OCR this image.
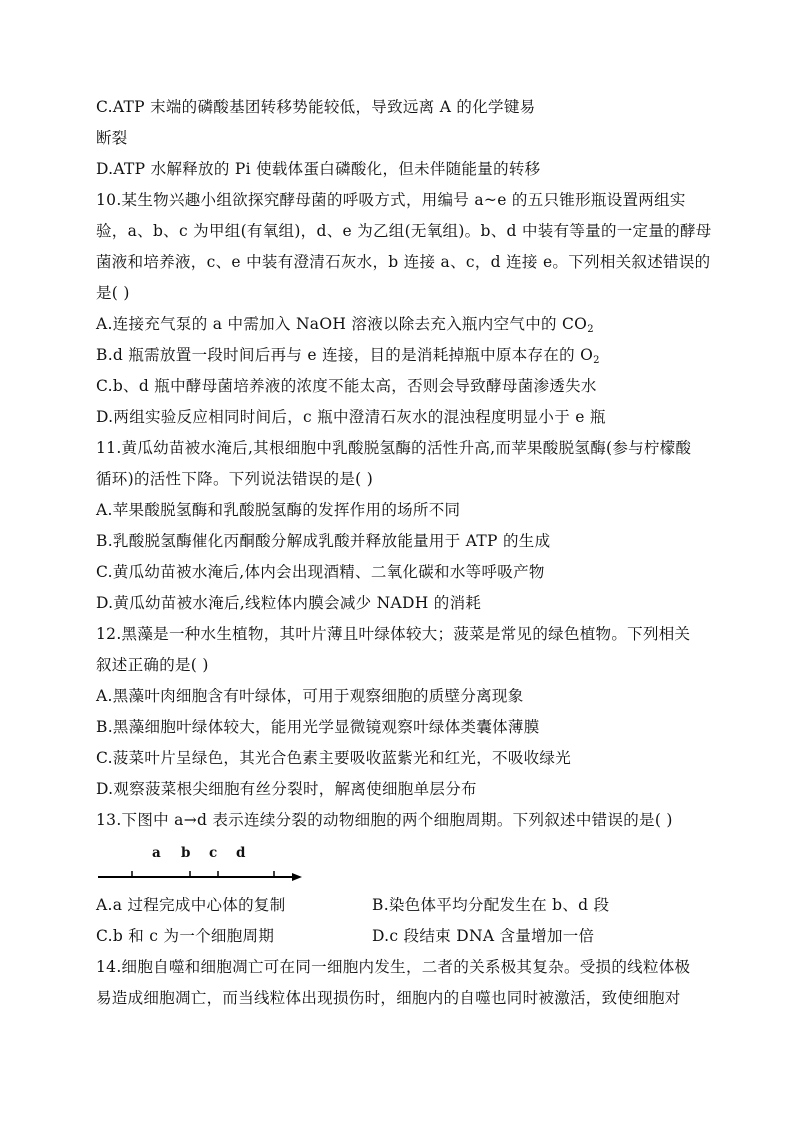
C.ATP 末端的磷酸基团转移势能较低，导致远离 A 的化学键易
断裂
D.ATP 水解释放的 Pi 使载体蛋白磷酸化，但未伴随能量的转移
10.某生物兴趣小组欲探究酵母菌的呼吸方式，用编号 a~e 的五只锥形瓶设置两组实
验，a、b、c 为甲组(有氧组)，d、e 为乙组(无氧组)。b、d 中装有等量的一定量的酵母
菌液和培养液，c、e 中装有澄清石灰水，b 连接 a、c，d 连接 e。下列相关叙述错误的
是( )
A.连接充气泵的 a 中需加入 NaOH 溶液以除去充入瓶内空气中的 $CO_2$
B.d 瓶需放置一段时间后再与 e 连接，目的是消耗掉瓶中原本存在的 $O_2$
C.b、d 瓶中酵母菌培养液的浓度不能太高，否则会导致酵母菌渗透失水
D.两组实验反应相同时间后，c 瓶中澄清石灰水的混浊程度明显小于 e 瓶
11.黄瓜幼苗被水淹后,其根细胞中乳酸脱氢酶的活性升高,而苹果酸脱氢酶(参与柠檬酸
循环)的活性下降。下列说法错误的是( )
A.苹果酸脱氢酶和乳酸脱氢酶的发挥作用的场所不同
B.乳酸脱氢酶催化丙酮酸分解成乳酸并释放能量用于 ATP 的生成
C.黄瓜幼苗被水淹后,体内会出现酒精、二氧化碳和水等呼吸产物
D.黄瓜幼苗被水淹后,线粒体内膜会减少 NADH 的消耗
12.黑藻是一种水生植物，其叶片薄且叶绿体较大；菠菜是常见的绿色植物。下列相关
叙述正确的是( )
A.黑藻叶肉细胞含有叶绿体，可用于观察细胞的质壁分离现象
B.黑藻细胞叶绿体较大，能用光学显微镜观察叶绿体类囊体薄膜
C.菠菜叶片呈绿色，其光合色素主要吸收蓝紫光和红光，不吸收绿光
D.观察菠菜根尖细胞有丝分裂时，解离使细胞单层分布
13.下图中 a→d 表示连续分裂的动物细胞的两个细胞周期。下列叙述中错误的是( )
a b c d
A.a 过程完成中心体的复制	B.染色体平均分配发生在 b、d 段
C.b 和 c 为一个细胞周期	D.c 段结束 DNA 含量增加一倍
14.细胞自噬和细胞凋亡可在同一细胞内发生，二者的关系极其复杂。受损的线粒体极
易造成细胞凋亡，而当线粒体出现损伤时，细胞内的自噬也同时被激活，致使细胞对
